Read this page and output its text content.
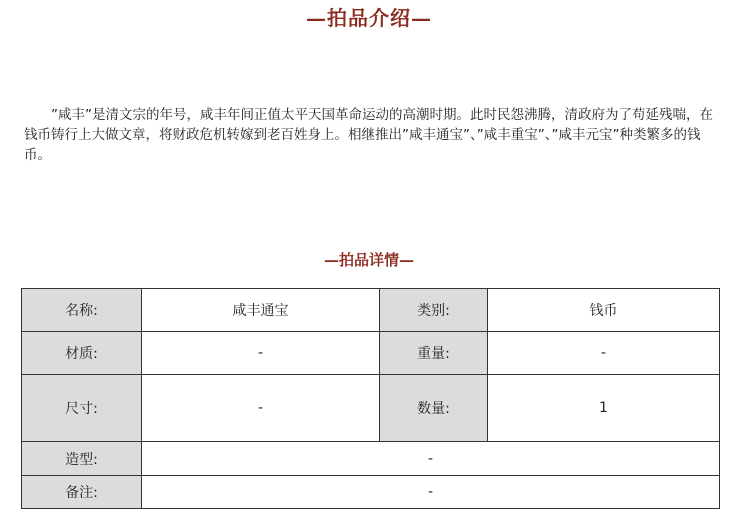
—拍品介绍—

”咸丰”是清文宗的年号，咸丰年间正值太平天国革命运动的高潮时期。此时民怨沸腾，清政府为了苟延残喘，在钱币铸行上大做文章，将财政危机转嫁到老百姓身上。相继推出”咸丰通宝”、”咸丰重宝”、”咸丰元宝”种类繁多的钱币。

—拍品详情—
名称:	咸丰通宝	类别:	钱币
材质:	-	重量:	-
尺寸:	-	数量:	1
造型:	-		
备注:	-		
